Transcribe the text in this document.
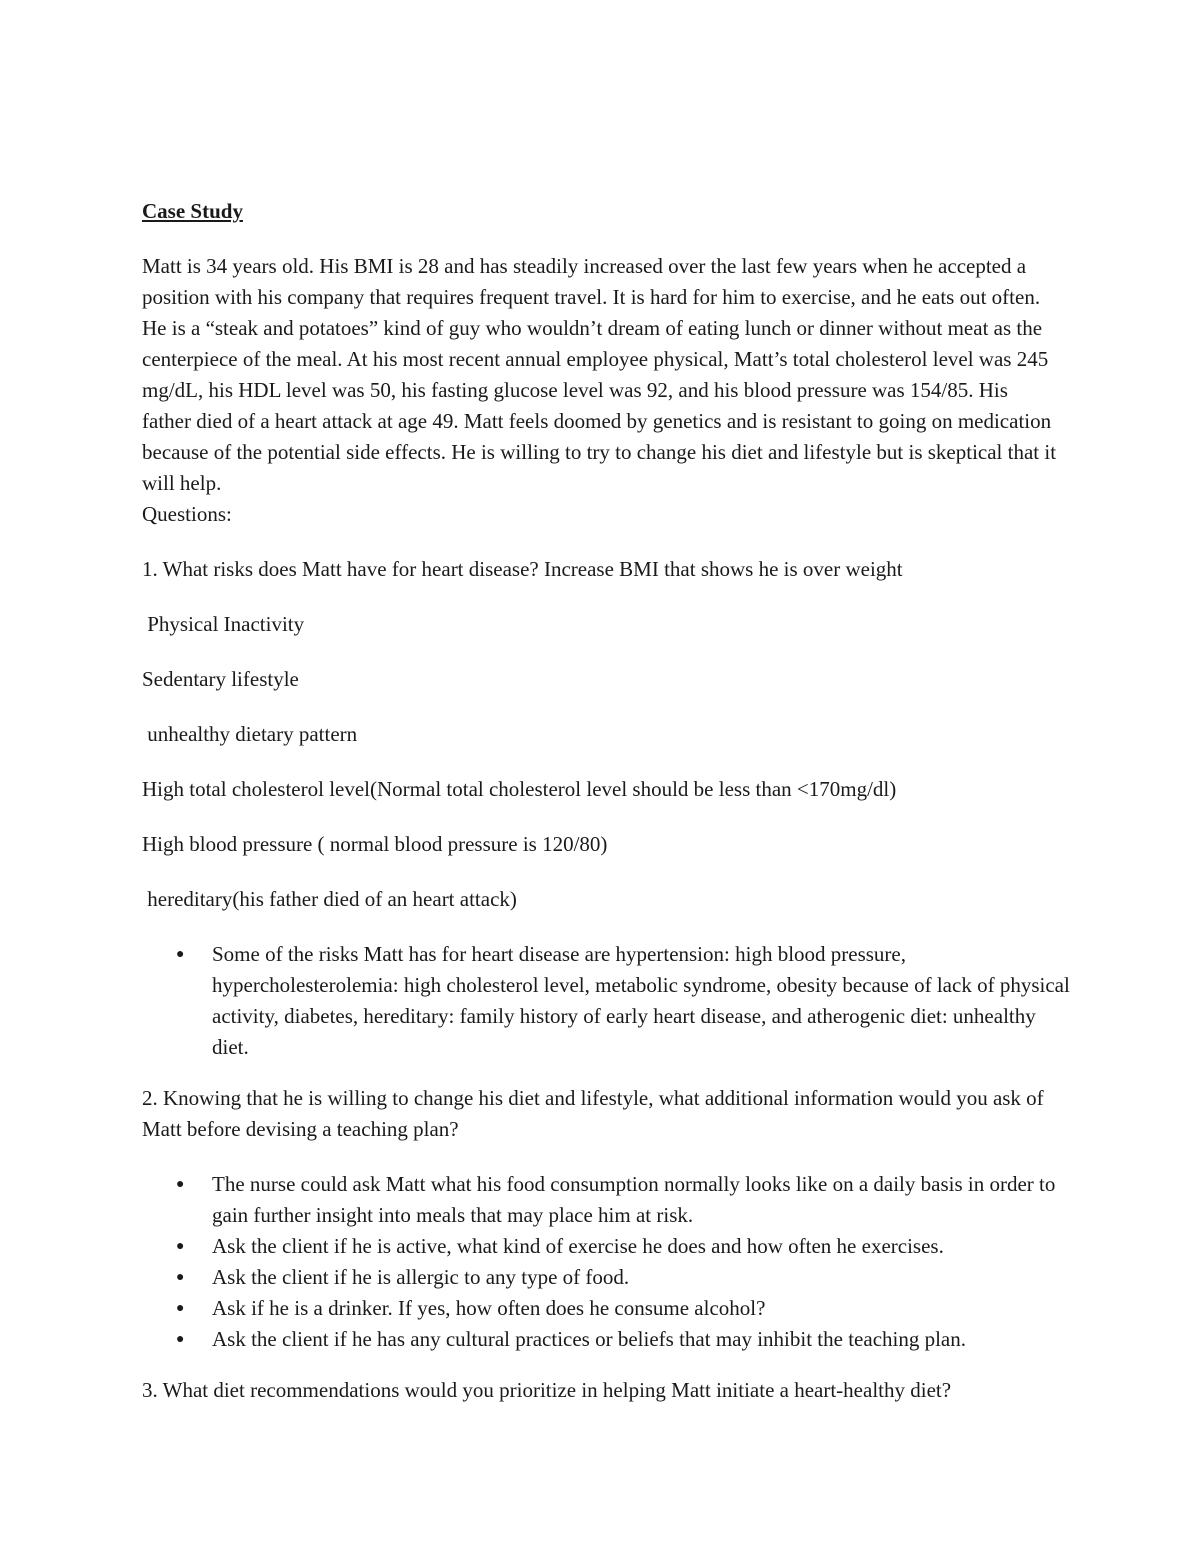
Case Study
Matt is 34 years old. His BMI is 28 and has steadily increased over the last few years when he accepted a position with his company that requires frequent travel. It is hard for him to exercise, and he eats out often. He is a “steak and potatoes” kind of guy who wouldn’t dream of eating lunch or dinner without meat as the centerpiece of the meal. At his most recent annual employee physical, Matt’s total cholesterol level was 245 mg/dL, his HDL level was 50, his fasting glucose level was 92, and his blood pressure was 154/85. His father died of a heart attack at age 49. Matt feels doomed by genetics and is resistant to going on medication because of the potential side effects. He is willing to try to change his diet and lifestyle but is skeptical that it will help.
Questions:

1. What risks does Matt have for heart disease? Increase BMI that shows he is over weight

Physical Inactivity

Sedentary lifestyle

unhealthy dietary pattern

High total cholesterol level(Normal total cholesterol level should be less than <170mg/dl)

High blood pressure ( normal blood pressure is 120/80)

hereditary(his father died of an heart attack)

● Some of the risks Matt has for heart disease are hypertension: high blood pressure, hypercholesterolemia: high cholesterol level, metabolic syndrome, obesity because of lack of physical activity, diabetes, hereditary: family history of early heart disease, and atherogenic diet: unhealthy diet.

2. Knowing that he is willing to change his diet and lifestyle, what additional information would you ask of Matt before devising a teaching plan?

● The nurse could ask Matt what his food consumption normally looks like on a daily basis in order to gain further insight into meals that may place him at risk.
● Ask the client if he is active, what kind of exercise he does and how often he exercises.
● Ask the client if he is allergic to any type of food.
● Ask if he is a drinker. If yes, how often does he consume alcohol?
● Ask the client if he has any cultural practices or beliefs that may inhibit the teaching plan.

3. What diet recommendations would you prioritize in helping Matt initiate a heart-healthy diet?
